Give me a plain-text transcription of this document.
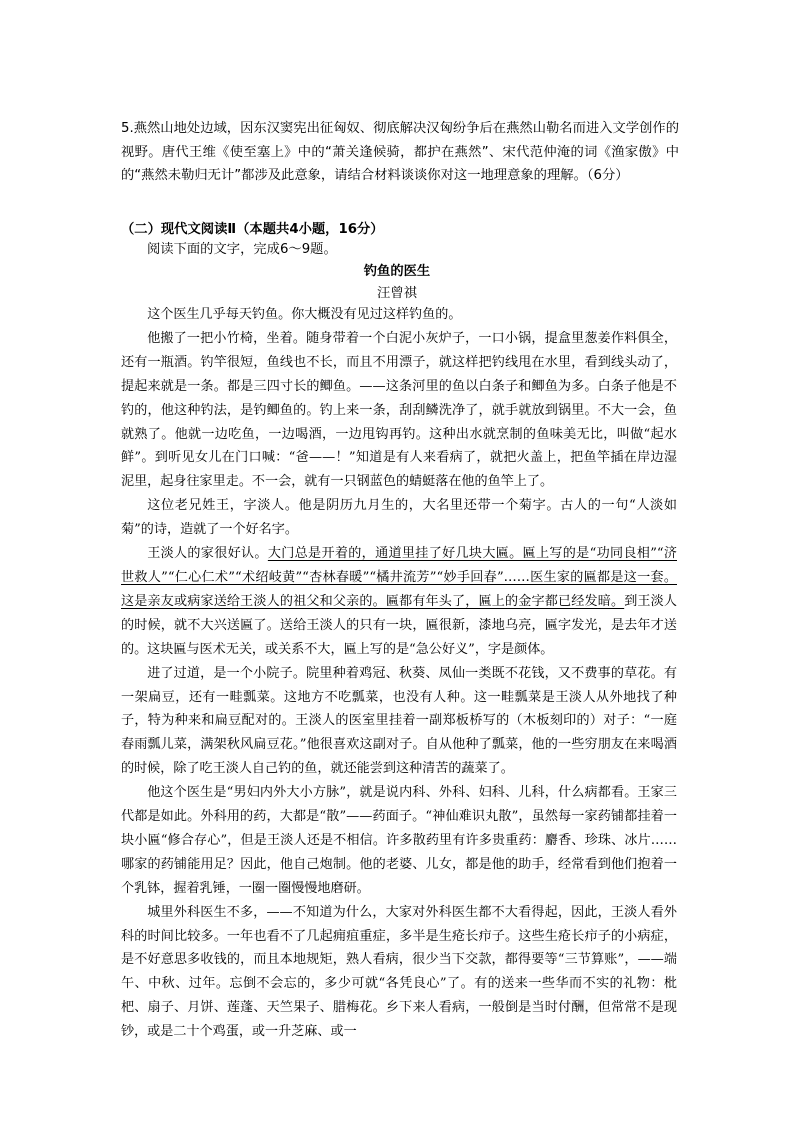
5.燕然山地处边域，因东汉窦宪出征匈奴、彻底解决汉匈纷争后在燕然山勒名而进入文学创作的视野。唐代王维《使至塞上》中的“萧关逢候骑，都护在燕然”、宋代范仲淹的词《渔家傲》中的“燕然未勒归无计”都涉及此意象，请结合材料谈谈你对这一地理意象的理解。（6分）

（二）现代文阅读Ⅱ（本题共4小题，16分）

阅读下面的文字，完成6～9题。

钓鱼的医生

汪曾祺

这个医生几乎每天钓鱼。你大概没有见过这样钓鱼的。

他搬了一把小竹椅，坐着。随身带着一个白泥小灰炉子，一口小锅，提盒里葱姜作料俱全，还有一瓶酒。钓竿很短，鱼线也不长，而且不用漂子，就这样把钓线甩在水里，看到线头动了，提起来就是一条。都是三四寸长的鲫鱼。——这条河里的鱼以白条子和鲫鱼为多。白条子他是不钓的，他这种钓法，是钓鲫鱼的。钓上来一条，刮刮鳞洗净了，就手就放到锅里。不大一会，鱼就熟了。他就一边吃鱼，一边喝酒，一边甩钩再钓。这种出水就烹制的鱼味美无比，叫做“起水鲜”。到听见女儿在门口喊：“爸——！”知道是有人来看病了，就把火盖上，把鱼竿插在岸边湿泥里，起身往家里走。不一会，就有一只钢蓝色的蜻蜓落在他的鱼竿上了。

这位老兄姓王，字淡人。他是阴历九月生的，大名里还带一个菊字。古人的一句“人淡如菊”的诗，造就了一个好名字。

王淡人的家很好认。大门总是开着的，通道里挂了好几块大匾。匾上写的是“功同良相”“济世救人”“仁心仁术”“术绍岐黄”“杏林春暖”“橘井流芳”“妙手回春”……医生家的匾都是这一套。这是亲友或病家送给王淡人的祖父和父亲的。匾都有年头了，匾上的金字都已经发暗。到王淡人的时候，就不大兴送匾了。送给王淡人的只有一块，匾很新，漆地乌亮，匾字发光，是去年才送的。这块匾与医术无关，或关系不大，匾上写的是“急公好义”，字是颜体。

进了过道，是一个小院子。院里种着鸡冠、秋葵、凤仙一类既不花钱，又不费事的草花。有一架扁豆，还有一畦瓢菜。这地方不吃瓢菜，也没有人种。这一畦瓢菜是王淡人从外地找了种子，特为种来和扁豆配对的。王淡人的医室里挂着一副郑板桥写的（木板刻印的）对子：“一庭春雨瓢儿菜，满架秋风扁豆花。”他很喜欢这副对子。自从他种了瓢菜，他的一些穷朋友在来喝酒的时候，除了吃王淡人自己钓的鱼，就还能尝到这种清苦的蔬菜了。

他这个医生是“男妇内外大小方脉”，就是说内科、外科、妇科、儿科，什么病都看。王家三代都是如此。外科用的药，大都是“散”——药面子。“神仙难识丸散”，虽然每一家药铺都挂着一块小匾“修合存心”，但是王淡人还是不相信。许多散药里有许多贵重药：麝香、珍珠、冰片……哪家的药铺能用足？因此，他自己炮制。他的老婆、儿女，都是他的助手，经常看到他们抱着一个乳钵，握着乳锤，一圈一圈慢慢地磨研。

城里外科医生不多，——不知道为什么，大家对外科医生都不大看得起，因此，王淡人看外科的时间比较多。一年也看不了几起痈疽重症，多半是生疮长疖子。这些生疮长疖子的小病症，是不好意思多收钱的，而且本地规矩，熟人看病，很少当下交款，都得要等“三节算账”，——端午、中秋、过年。忘倒不会忘的，多少可就“各凭良心”了。有的送来一些华而不实的礼物：枇杷、扇子、月饼、莲蓬、天竺果子、腊梅花。乡下来人看病，一般倒是当时付酬，但常常不是现钞，或是二十个鸡蛋，或一升芝麻、或一
